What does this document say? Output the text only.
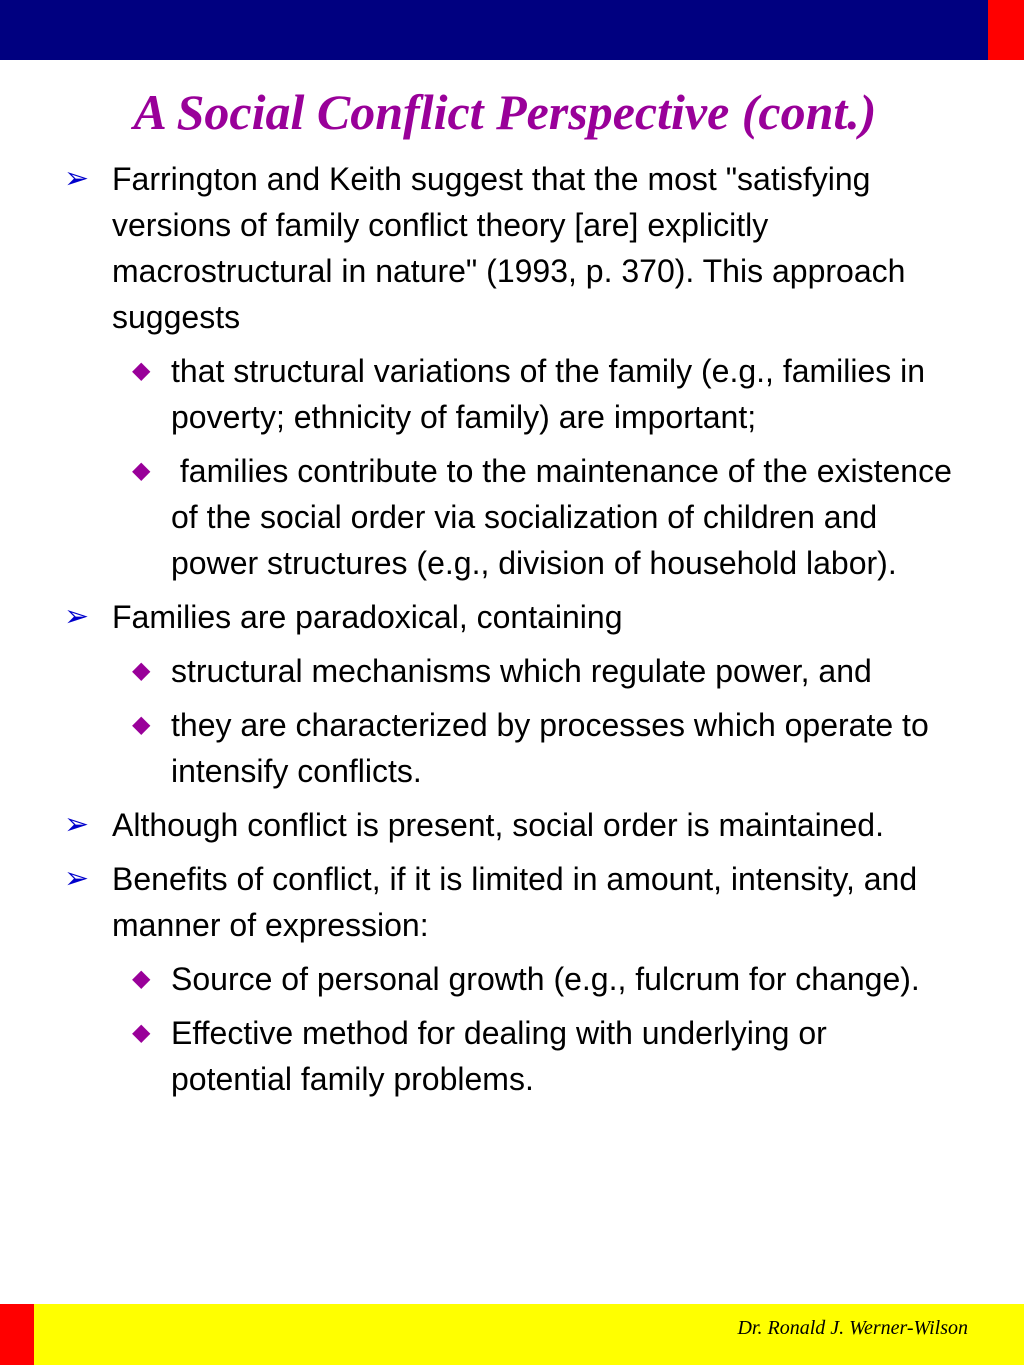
A Social Conflict Perspective (cont.)
➢ Farrington and Keith suggest that the most "satisfying versions of family conflict theory [are] explicitly macrostructural in nature" (1993, p. 370). This approach suggests
◆ that structural variations of the family (e.g., families in poverty; ethnicity of family) are important;
◆ families contribute to the maintenance of the existence of the social order via socialization of children and power structures (e.g., division of household labor).
➢ Families are paradoxical, containing
◆ structural mechanisms which regulate power, and
◆ they are characterized by processes which operate to intensify conflicts.
➢ Although conflict is present, social order is maintained.
➢ Benefits of conflict, if it is limited in amount, intensity, and manner of expression:
◆ Source of personal growth (e.g., fulcrum for change).
◆ Effective method for dealing with underlying or potential family problems.
Dr. Ronald J. Werner-Wilson
